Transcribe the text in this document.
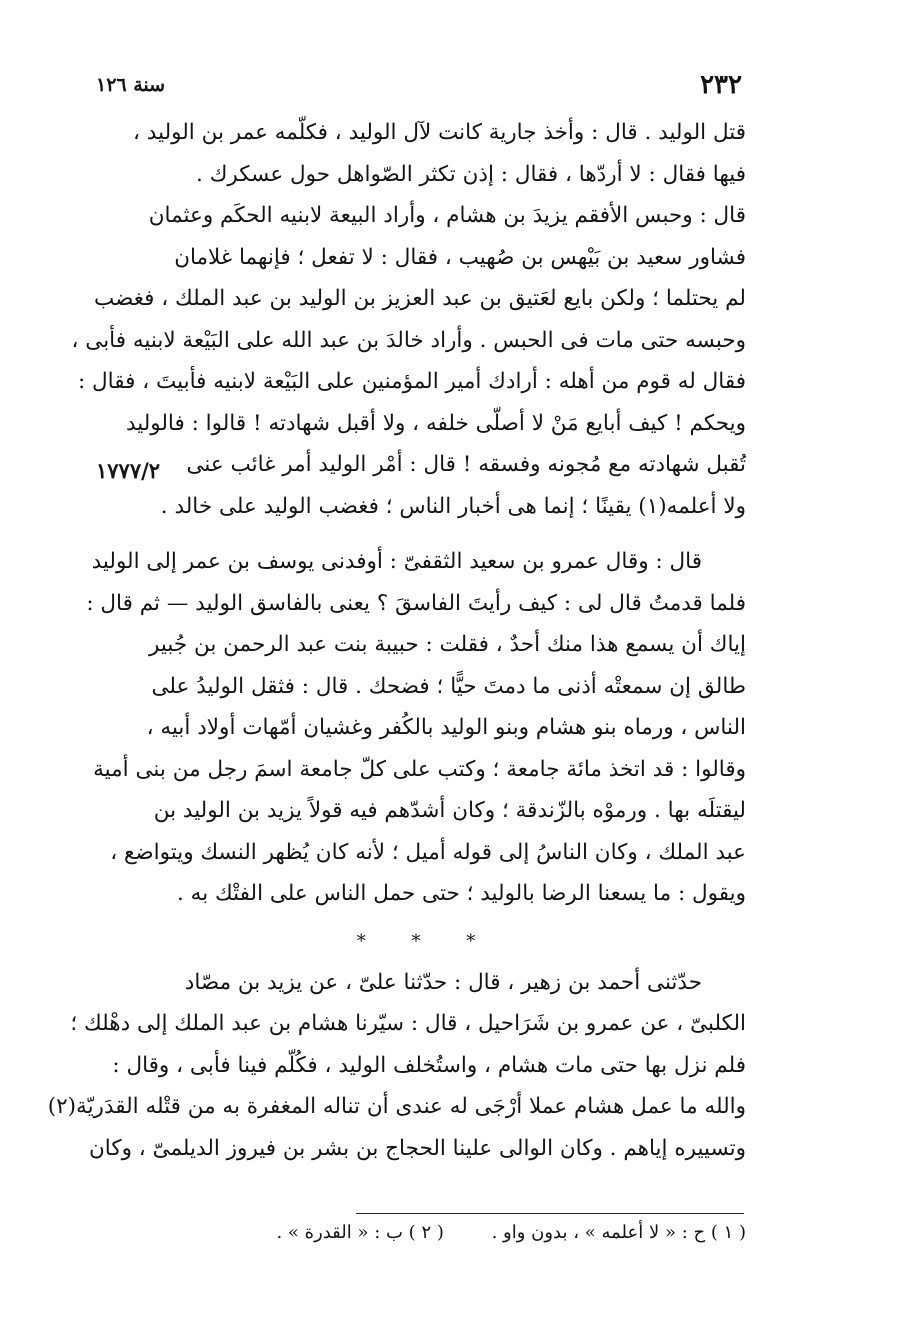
٢٣٢
سنة ١٢٦
١٧٧٧/٢
قتل الوليد . قال : وأخذ جارية كانت لآل الوليد ، فكلّمه عمر بن الوليد ،
فيها فقال : لا أردّها ، فقال : إذن تكثر الصّواهل حول عسكرك .
قال : وحبس الأفقم يزيدَ بن هشام ، وأراد البيعة لابنيه الحكَم وعثمان
فشاور سعيد بن بَيْهس بن صُهيب ، فقال : لا تفعل ؛ فإنهما غلامان
لم يحتلما ؛ ولكن بايع لعَتيق بن عبد العزيز بن الوليد بن عبد الملك ، فغضب
وحبسه حتى مات فى الحبس . وأراد خالدَ بن عبد الله على البَيْعة لابنيه فأبى ،
فقال له قوم من أهله : أرادك أمير المؤمنين على البَيْعة لابنيه فأبيتَ ، فقال :
ويحكم ! كيف أبايع مَنْ لا أصلّى خلفه ، ولا أقبل شهادته ! قالوا : فالوليد
تُقبل شهادته مع مُجونه وفسقه ! قال : أمْر الوليد أمر غائب عنى
ولا أعلمه(١) يقينًا ؛ إنما هى أخبار الناس ؛ فغضب الوليد على خالد .
قال : وقال عمرو بن سعيد الثقفىّ : أوفدنى يوسف بن عمر إلى الوليد
فلما قدمتُ قال لى : كيف رأيتَ الفاسقَ ؟ يعنى بالفاسق الوليد — ثم قال :
إياك أن يسمع هذا منك أحدٌ ، فقلت : حبيبة بنت عبد الرحمن بن جُبير
طالق إن سمعتْه أذنى ما دمتَ حيًّا ؛ فضحك . قال : فثقل الوليدُ على
الناس ، ورماه بنو هشام وبنو الوليد بالكُفر وغشيان أمّهات أولاد أبيه ،
وقالوا : قد اتخذ مائة جامعة ؛ وكتب على كلّ جامعة اسمَ رجل من بنى أمية
ليقتلَه بها . ورموْه بالزّندقة ؛ وكان أشدّهم فيه قولاً يزيد بن الوليد بن
عبد الملك ، وكان الناسُ إلى قوله أميل ؛ لأنه كان يُظهر النسك ويتواضع ،
ويقول : ما يسعنا الرضا بالوليد ؛ حتى حمل الناس على الفتْك به .
* * *
حدّثنى أحمد بن زهير ، قال : حدّثنا علىّ ، عن يزيد بن مصّاد
الكلبىّ ، عن عمرو بن شَرَاحيل ، قال : سيّرنا هشام بن عبد الملك إلى دهْلك ؛
فلم نزل بها حتى مات هشام ، واستُخلف الوليد ، فكُلّم فينا فأبى ، وقال :
والله ما عمل هشام عملا أرْجَى له عندى أن تناله المغفرة به من قتْله القدَريّة(٢)
وتسييره إياهم . وكان الوالى علينا الحجاج بن بشر بن فيروز الديلمىّ ، وكان
( ١ ) ح : « لا أعلمه » ، بدون واو . ( ٢ ) ب : « القدرة » .
